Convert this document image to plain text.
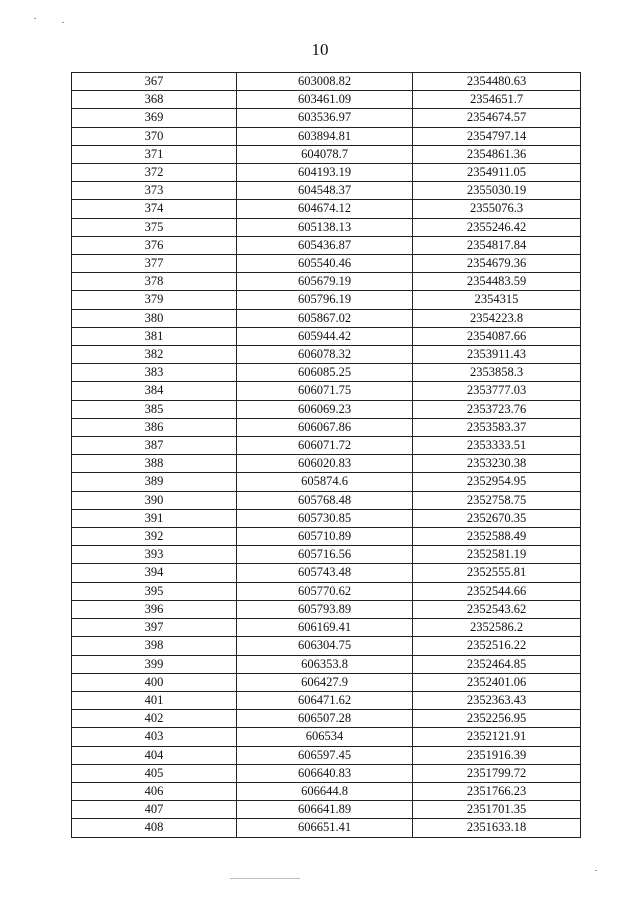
10
367	603008.82	2354480.63
368	603461.09	2354651.7
369	603536.97	2354674.57
370	603894.81	2354797.14
371	604078.7	2354861.36
372	604193.19	2354911.05
373	604548.37	2355030.19
374	604674.12	2355076.3
375	605138.13	2355246.42
376	605436.87	2354817.84
377	605540.46	2354679.36
378	605679.19	2354483.59
379	605796.19	2354315
380	605867.02	2354223.8
381	605944.42	2354087.66
382	606078.32	2353911.43
383	606085.25	2353858.3
384	606071.75	2353777.03
385	606069.23	2353723.76
386	606067.86	2353583.37
387	606071.72	2353333.51
388	606020.83	2353230.38
389	605874.6	2352954.95
390	605768.48	2352758.75
391	605730.85	2352670.35
392	605710.89	2352588.49
393	605716.56	2352581.19
394	605743.48	2352555.81
395	605770.62	2352544.66
396	605793.89	2352543.62
397	606169.41	2352586.2
398	606304.75	2352516.22
399	606353.8	2352464.85
400	606427.9	2352401.06
401	606471.62	2352363.43
402	606507.28	2352256.95
403	606534	2352121.91
404	606597.45	2351916.39
405	606640.83	2351799.72
406	606644.8	2351766.23
407	606641.89	2351701.35
408	606651.41	2351633.18
